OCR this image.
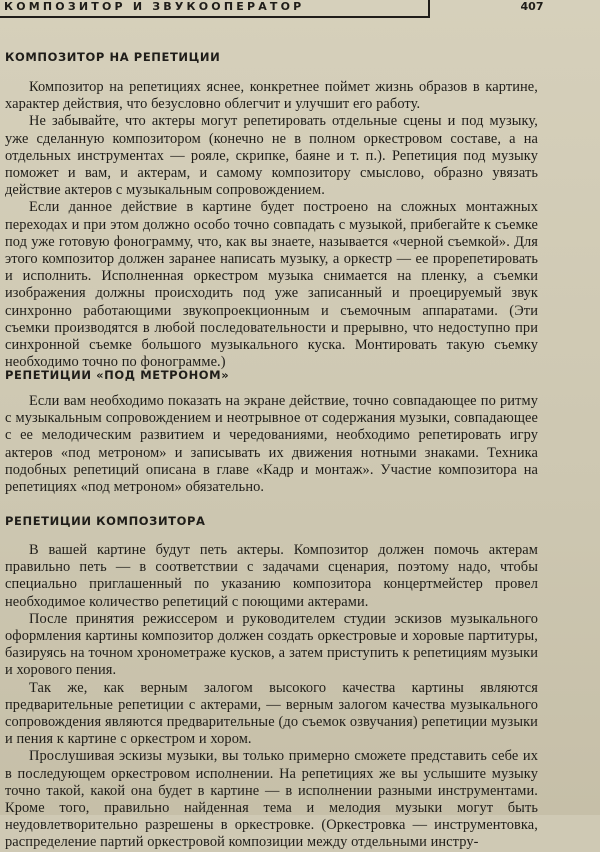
КОМПОЗИТОР И ЗВУКООПЕРАТОР	407
КОМПОЗИТОР НА РЕПЕТИЦИИ

Композитор на репетициях яснее, конкретнее поймет жизнь образов в картине, характер действия, что безусловно облегчит и улучшит его работу.

Не забывайте, что актеры могут репетировать отдельные сцены и под музыку, уже сделанную композитором (конечно не в полном оркестровом составе, а на отдельных инструментах — рояле, скрипке, баяне и т. п.). Репетиция под музыку поможет и вам, и актерам, и самому композитору смысловo, образно увязать действие актеров с музыкальным сопровождением.

Если данное действие в картине будет построено на сложных монтажных переходах и при этом должно особо точно совпадать с музыкой, прибегайте к съемке под уже готовую фонограмму, что, как вы знаете, называется «черной съемкой». Для этого композитор должен заранее написать музыку, а оркестр — ее прорепетировать и исполнить. Исполненная оркестром музыка снимается на пленку, а съемки изображения должны происходить под уже записанный и проецируемый звук синхронно работающими звукопроекционным и съемочным аппаратами. (Эти съемки производятся в любой последовательности и прерывно, что недоступно при синхронной съемке большого музыкального куска. Монтировать такую съемку необходимо точно по фонограмме.)

РЕПЕТИЦИИ «ПОД МЕТРОНОМ»

Если вам необходимо показать на экране действие, точно совпадающее по ритму с музыкальным сопровождением и неотрывное от содержания музыки, совпадающее с ее мелодическим развитием и чередованиями, необходимо репетировать игру актеров «под метроном» и записывать их движения нотными знаками. Техника подобных репетиций описана в главе «Кадр и монтаж». Участие композитора на репетициях «под метроном» обязательно.

РЕПЕТИЦИИ КОМПОЗИТОРА

В вашей картине будут петь актеры. Композитор должен помочь актерам правильно петь — в соответствии с задачами сценария, поэтому надо, чтобы специально приглашенный по указанию композитора концертмейстер провел необходимое количество репетиций с поющими актерами.

После принятия режиссером и руководителем студии эскизов музыкального оформления картины композитор должен создать оркестровые и хоровые партитуры, базируясь на точном хронометраже кусков, а затем приступить к репетициям музыки и хорового пения.

Так же, как верным залогом высокого качества картины являются предварительные репетиции с актерами, — верным залогом качества музыкального сопровождения являются предварительные (до съемок озвучания) репетиции музыки и пения к картине с оркестром и хором.

Прослушивая эскизы музыки, вы только примерно сможете представить себе их в последующем оркестровом исполнении. На репетициях же вы услышите музыку точно такой, какой она будет в картине — в исполнении разными инструментами. Кроме того, правильно найденная тема и мелодия музыки могут быть неудовлетворительно разрешены в оркестровке. (Оркестровка — инструментовка, распределение партий оркестровой композиции между отдельными инстру-
